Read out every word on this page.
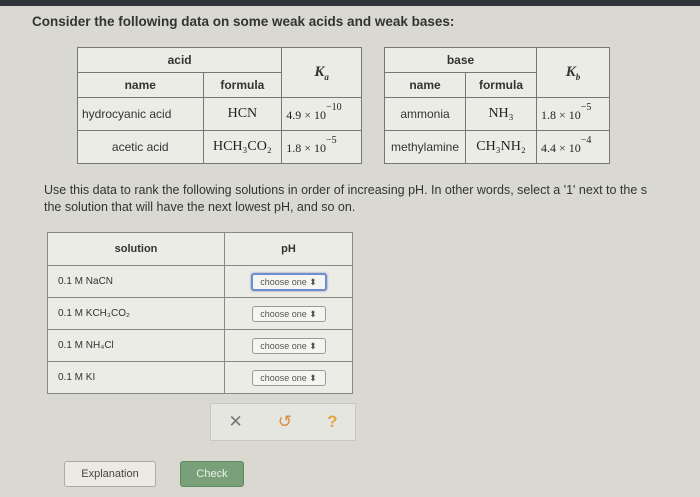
Consider the following data on some weak acids and weak bases:
acid		$K_a$
name	formula	
hydrocyanic acid	HCN	$4.9 \times 10^{-10}$
acetic acid	HCH₃CO₂	$1.8 \times 10^{-5}$
base		$K_b$
name	formula	
ammonia	NH₃	$1.8 \times 10^{-5}$
methylamine	CH₃NH₂	$4.4 \times 10^{-4}$
Use this data to rank the following solutions in order of increasing pH. In other words, select a '1' next to the s
the solution that will have the next lowest pH, and so on.
solution	pH
0.1 M NaCN	choose one ⬍
0.1 M KCH₃CO₂	choose one ⬍
0.1 M NH₄Cl	choose one ⬍
0.1 M KI	choose one ⬍
✕ ↺ ?
Explanation	Check
